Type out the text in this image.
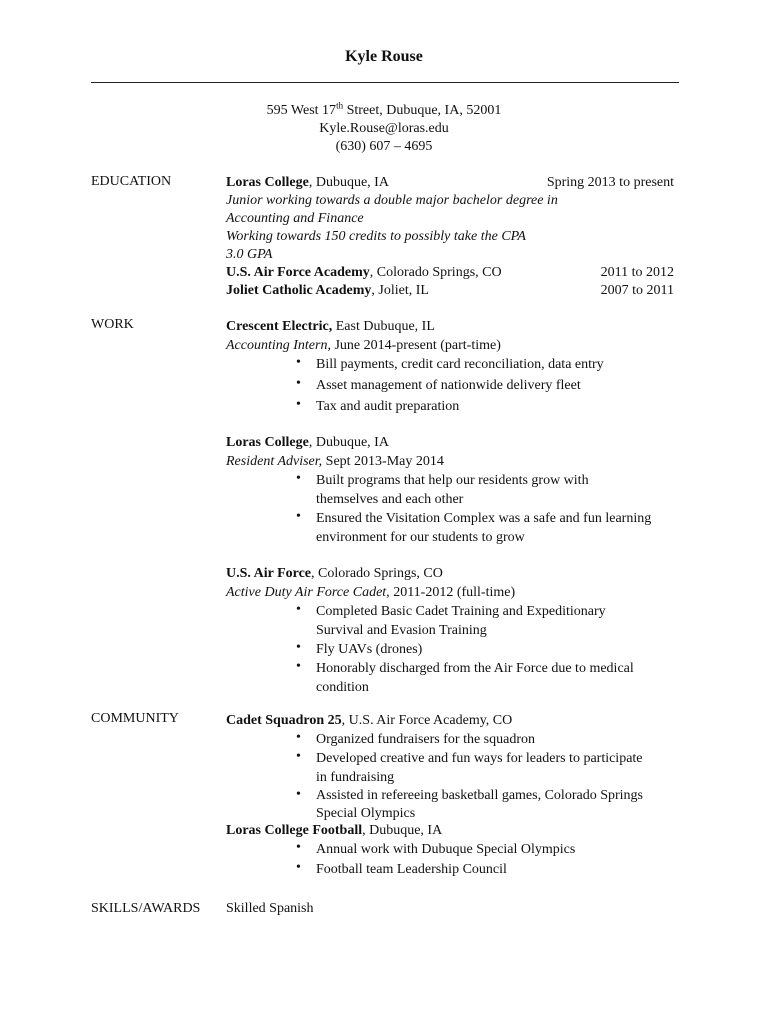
Kyle Rouse
595 West 17th Street, Dubuque, IA, 52001
Kyle.Rouse@loras.edu
(630) 607 – 4695
EDUCATION	Loras College, Dubuque, IA	Spring 2013 to present
Junior working towards a double major bachelor degree in
Accounting and Finance
Working towards 150 credits to possibly take the CPA
3.0 GPA
U.S. Air Force Academy, Colorado Springs, CO	2011 to 2012
Joliet Catholic Academy, Joliet, IL	2007 to 2011
WORK	Crescent Electric, East Dubuque, IL
Accounting Intern, June 2014-present (part-time)
• Bill payments, credit card reconciliation, data entry
• Asset management of nationwide delivery fleet
• Tax and audit preparation
Loras College, Dubuque, IA
Resident Adviser, Sept 2013-May 2014
• Built programs that help our residents grow with
themselves and each other
• Ensured the Visitation Complex was a safe and fun learning
environment for our students to grow
U.S. Air Force, Colorado Springs, CO
Active Duty Air Force Cadet, 2011-2012 (full-time)
• Completed Basic Cadet Training and Expeditionary
Survival and Evasion Training
• Fly UAVs (drones)
• Honorably discharged from the Air Force due to medical
condition
COMMUNITY	Cadet Squadron 25, U.S. Air Force Academy, CO
• Organized fundraisers for the squadron
• Developed creative and fun ways for leaders to participate
in fundraising
• Assisted in refereeing basketball games, Colorado Springs
Special Olympics
Loras College Football, Dubuque, IA
• Annual work with Dubuque Special Olympics
• Football team Leadership Council
SKILLS/AWARDS Skilled Spanish
